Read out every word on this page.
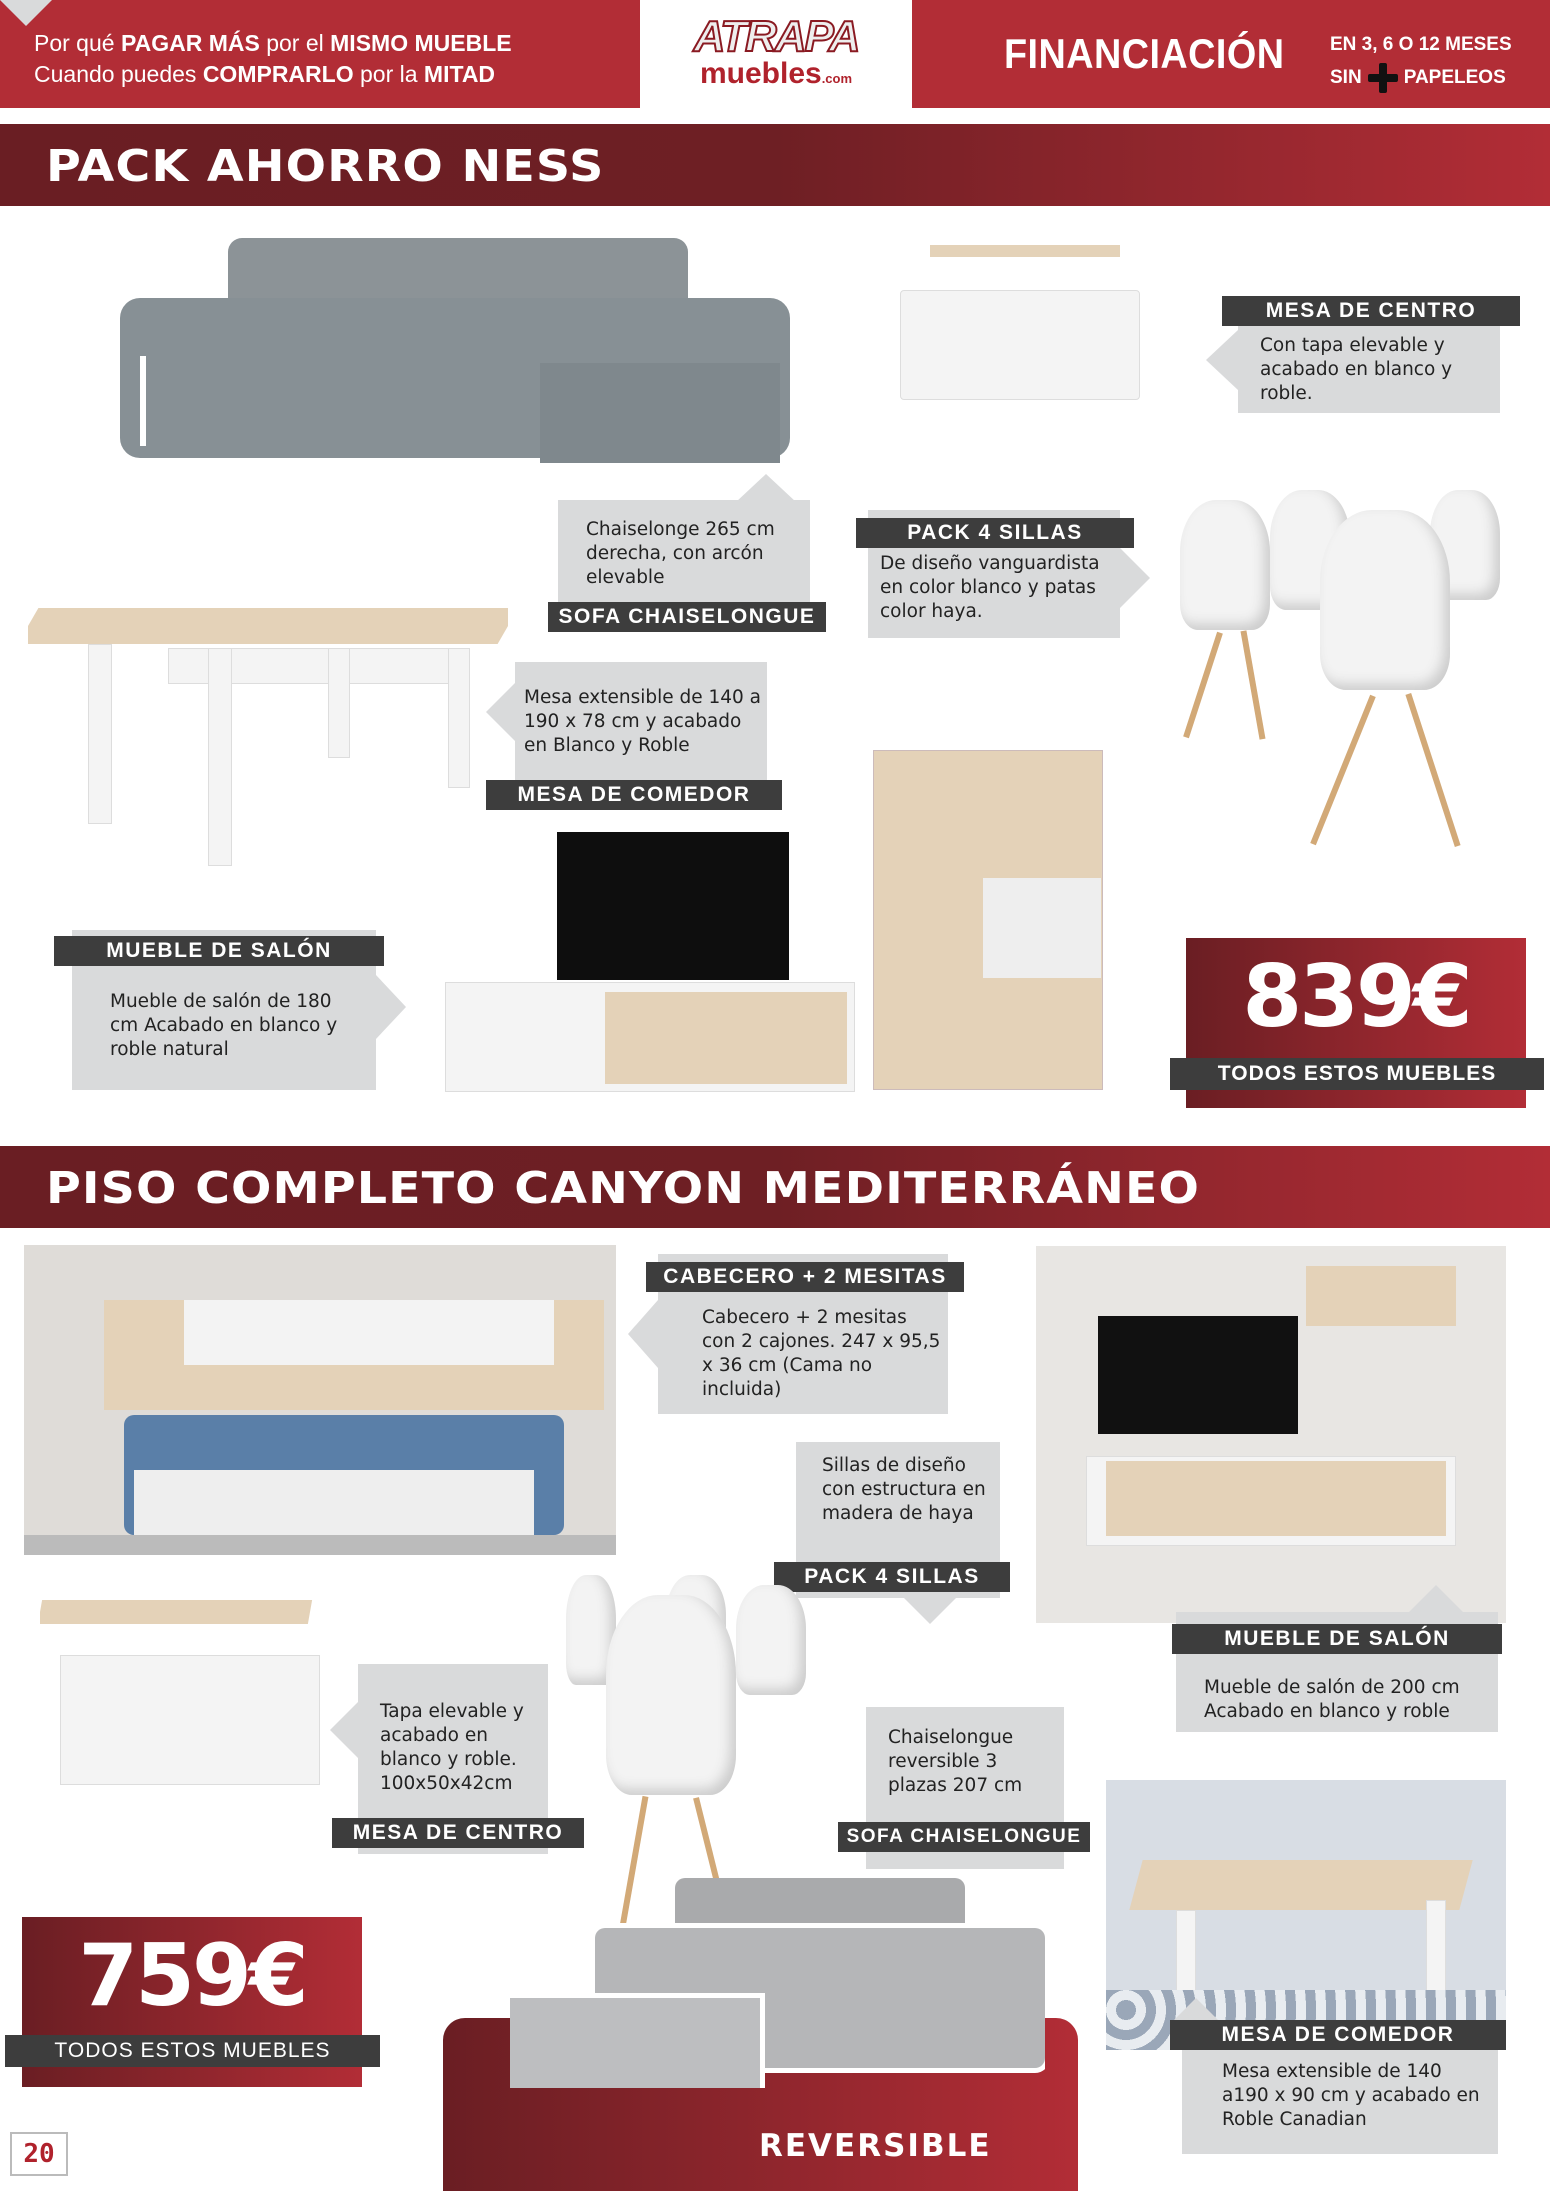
Por qué PAGAR MÁS por el MISMO MUEBLE
Cuando puedes COMPRARLO por la MITAD
ATRAPA
muebles.com
FINANCIACIÓN EN 3, 6 O 12 MESES
SIN PAPELEOS
PACK AHORRO NESS
MESA DE CENTRO
Con tapa elevable y acabado en blanco y roble.
Chaiselonge 265 cm derecha, con arcón elevable
SOFA CHAISELONGUE
PACK 4 SILLAS
De diseño vanguardista en color blanco y patas color haya.
Mesa extensible de 140 a 190 x 78 cm y acabado en Blanco y Roble
MESA DE COMEDOR
MUEBLE DE SALÓN
Mueble de salón de 180 cm Acabado en blanco y roble natural
839€
TODOS ESTOS MUEBLES
PISO COMPLETO CANYON MEDITERRÁNEO
CABECERO + 2 MESITAS
Cabecero + 2 mesitas con 2 cajones. 247 x 95,5 x 36 cm (Cama no incluida)
Sillas de diseño con estructura en madera de haya
PACK 4 SILLAS
MUEBLE DE SALÓN
Mueble de salón de 200 cm Acabado en blanco y roble
Tapa elevable y acabado en blanco y roble. 100x50x42cm
MESA DE CENTRO
Chaiselongue reversible 3 plazas 207 cm
SOFA CHAISELONGUE
MESA DE COMEDOR
Mesa extensible de 140 a190 x 90 cm y acabado en Roble Canadian
759€
TODOS ESTOS MUEBLES
REVERSIBLE
20
